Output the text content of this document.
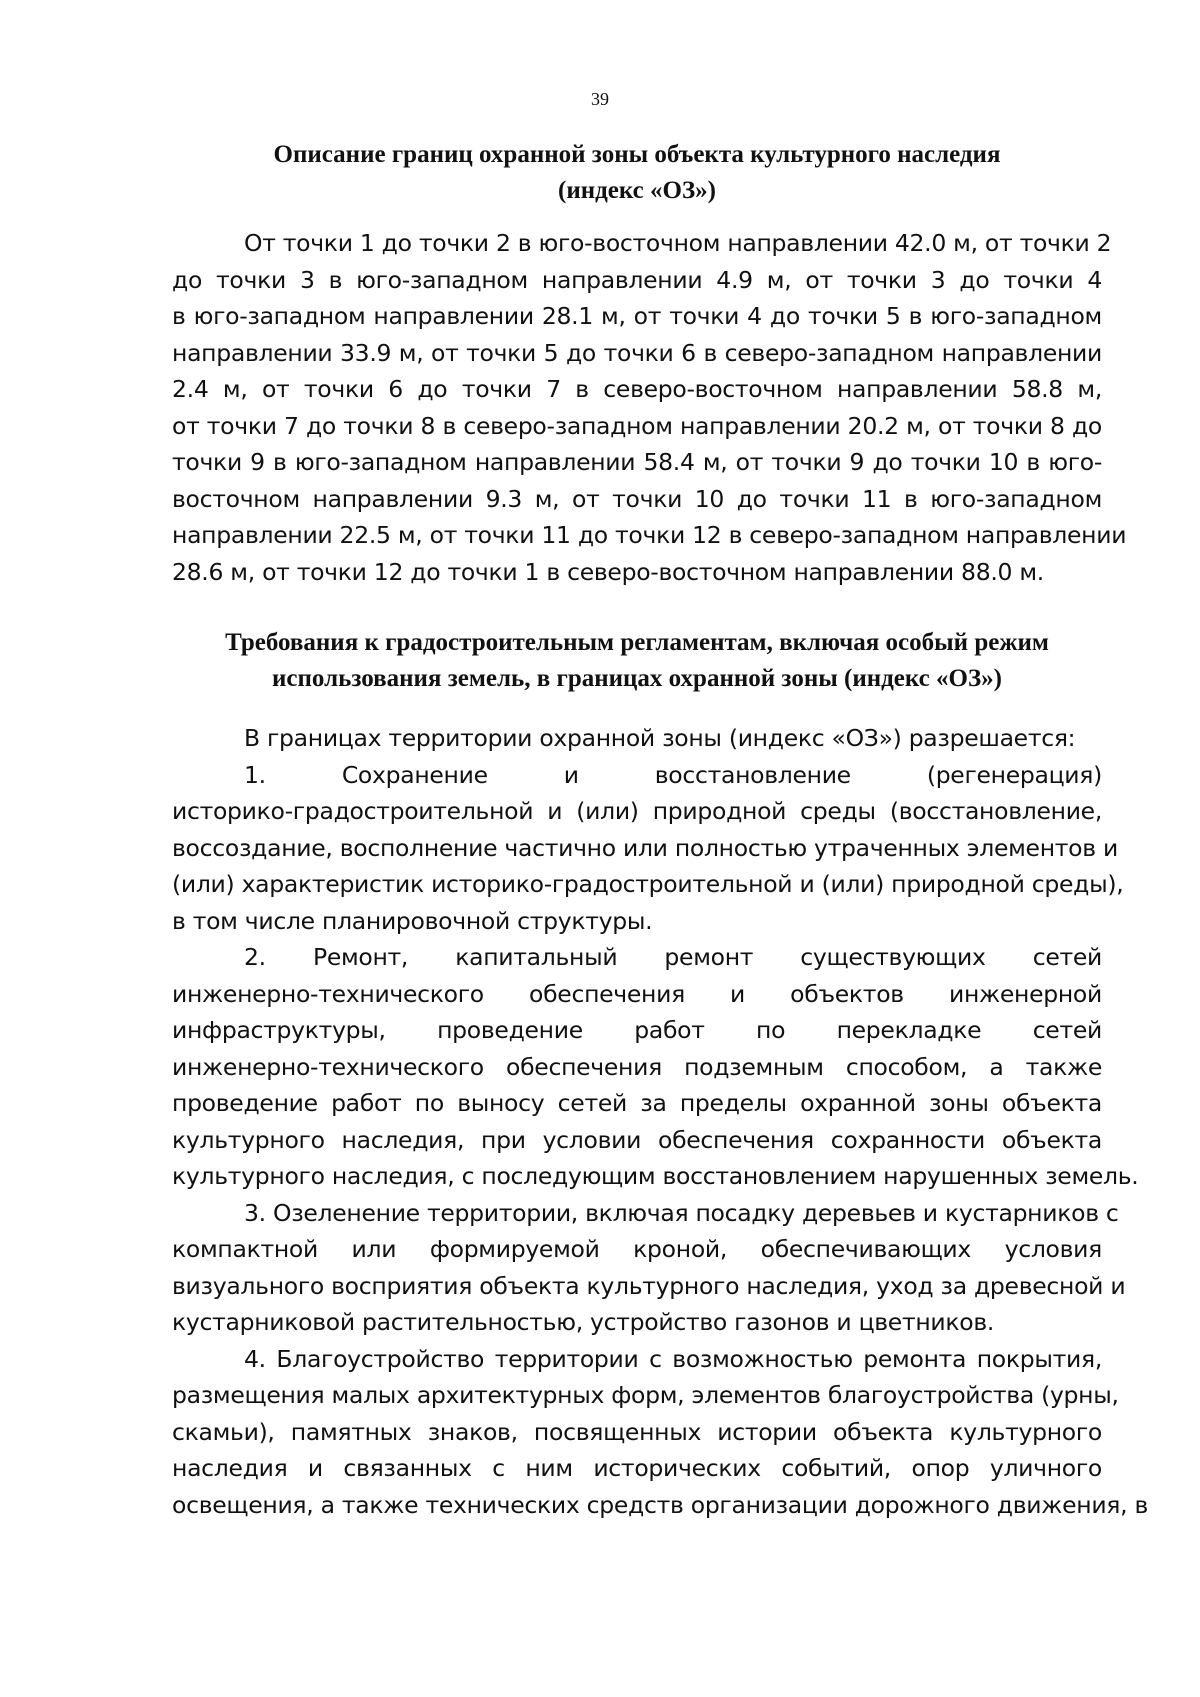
39
Описание границ охранной зоны объекта культурного наследия
(индекс «ОЗ»)
От точки 1 до точки 2 в юго-восточном направлении 42.0 м, от точки 2
до точки 3 в юго-западном направлении 4.9 м, от точки 3 до точки 4
в юго-западном направлении 28.1 м, от точки 4 до точки 5 в юго-западном
направлении 33.9 м, от точки 5 до точки 6 в северо-западном направлении
2.4 м, от точки 6 до точки 7 в северо-восточном направлении 58.8 м,
от точки 7 до точки 8 в северо-западном направлении 20.2 м, от точки 8 до
точки 9 в юго-западном направлении 58.4 м, от точки 9 до точки 10 в юго-
восточном направлении 9.3 м, от точки 10 до точки 11 в юго-западном
направлении 22.5 м, от точки 11 до точки 12 в северо-западном направлении
28.6 м, от точки 12 до точки 1 в северо-восточном направлении 88.0 м.
Требования к градостроительным регламентам, включая особый режим
использования земель, в границах охранной зоны (индекс «ОЗ»)
В границах территории охранной зоны (индекс «ОЗ») разрешается:
1. Сохранение и восстановление (регенерация)
историко-градостроительной и (или) природной среды (восстановление,
воссоздание, восполнение частично или полностью утраченных элементов и
(или) характеристик историко-градостроительной и (или) природной среды),
в том числе планировочной структуры.
2. Ремонт, капитальный ремонт существующих сетей
инженерно-технического обеспечения и объектов инженерной
инфраструктуры, проведение работ по перекладке сетей
инженерно-технического обеспечения подземным способом, а также
проведение работ по выносу сетей за пределы охранной зоны объекта
культурного наследия, при условии обеспечения сохранности объекта
культурного наследия, с последующим восстановлением нарушенных земель.
3. Озеленение территории, включая посадку деревьев и кустарников с
компактной или формируемой кроной, обеспечивающих условия
визуального восприятия объекта культурного наследия, уход за древесной и
кустарниковой растительностью, устройство газонов и цветников.
4. Благоустройство территории с возможностью ремонта покрытия,
размещения малых архитектурных форм, элементов благоустройства (урны,
скамьи), памятных знаков, посвященных истории объекта культурного
наследия и связанных с ним исторических событий, опор уличного
освещения, а также технических средств организации дорожного движения, в
